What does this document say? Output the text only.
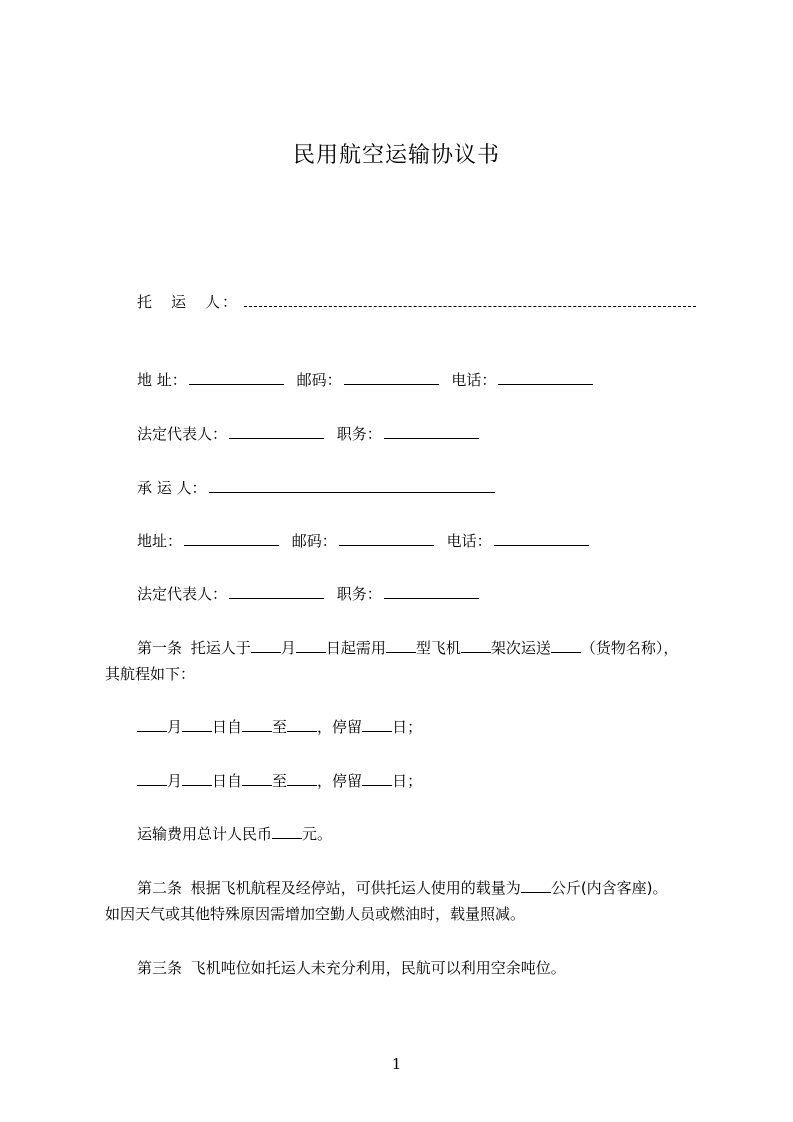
民用航空运输协议书
托　运　人：
地 址：	邮码：	电话：
法定代表人：	职务：
承 运 人：
地址：	邮码：	电话：
法定代表人：	职务：
第一条 托运人于 月 日起需用 型飞机 架次运送 （货物名称），
其航程如下：
月 日自 至 ，停留 日；
月 日自 至 ，停留 日；
运输费用总计人民币 元。
第二条 根据飞机航程及经停站，可供托运人使用的载量为 公斤(内含客座)。
如因天气或其他特殊原因需增加空勤人员或燃油时，载量照减。
第三条 飞机吨位如托运人未充分利用，民航可以利用空余吨位。
1
